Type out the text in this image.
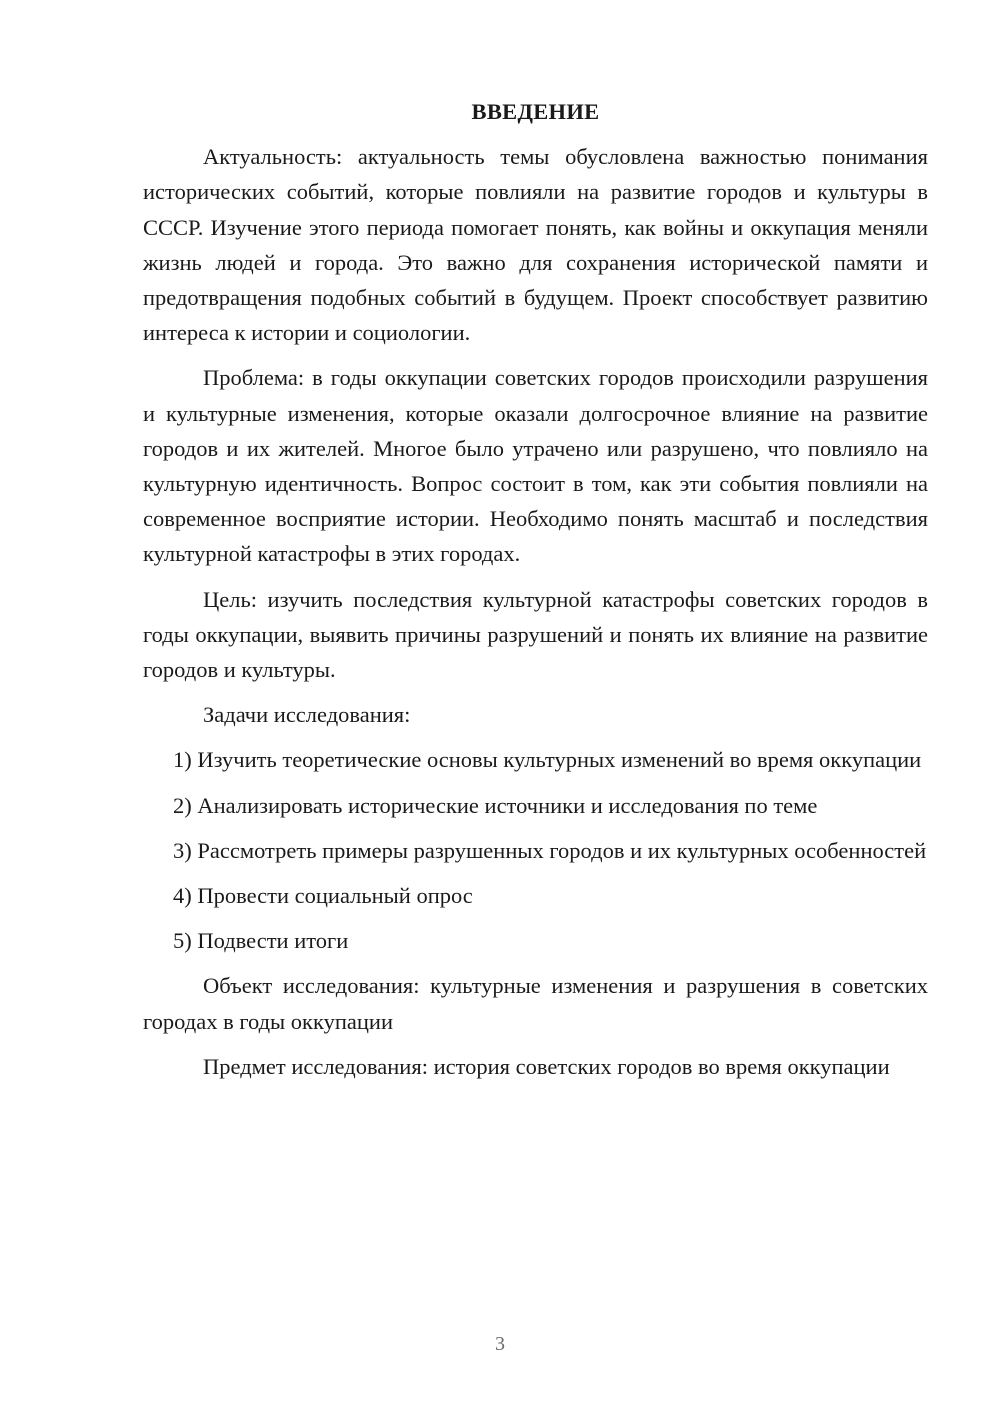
ВВЕДЕНИЕ

Актуальность: актуальность темы обусловлена важностью понимания исторических событий, которые повлияли на развитие городов и культуры в СССР. Изучение этого периода помогает понять, как войны и оккупация меняли жизнь людей и города. Это важно для сохранения исторической памяти и предотвращения подобных событий в будущем. Проект способствует развитию интереса к истории и социологии.

Проблема: в годы оккупации советских городов происходили разрушения и культурные изменения, которые оказали долгосрочное влияние на развитие городов и их жителей. Многое было утрачено или разрушено, что повлияло на культурную идентичность. Вопрос состоит в том, как эти события повлияли на современное восприятие истории. Необходимо понять масштаб и последствия культурной катастрофы в этих городах.

Цель: изучить последствия культурной катастрофы советских городов в годы оккупации, выявить причины разрушений и понять их влияние на развитие городов и культуры.

Задачи исследования:

1) Изучить теоретические основы культурных изменений во время оккупации

2) Анализировать исторические источники и исследования по теме

3) Рассмотреть примеры разрушенных городов и их культурных особенностей

4) Провести социальный опрос

5) Подвести итоги

Объект исследования: культурные изменения и разрушения в советских городах в годы оккупации

Предмет исследования: история советских городов во время оккупации

3
